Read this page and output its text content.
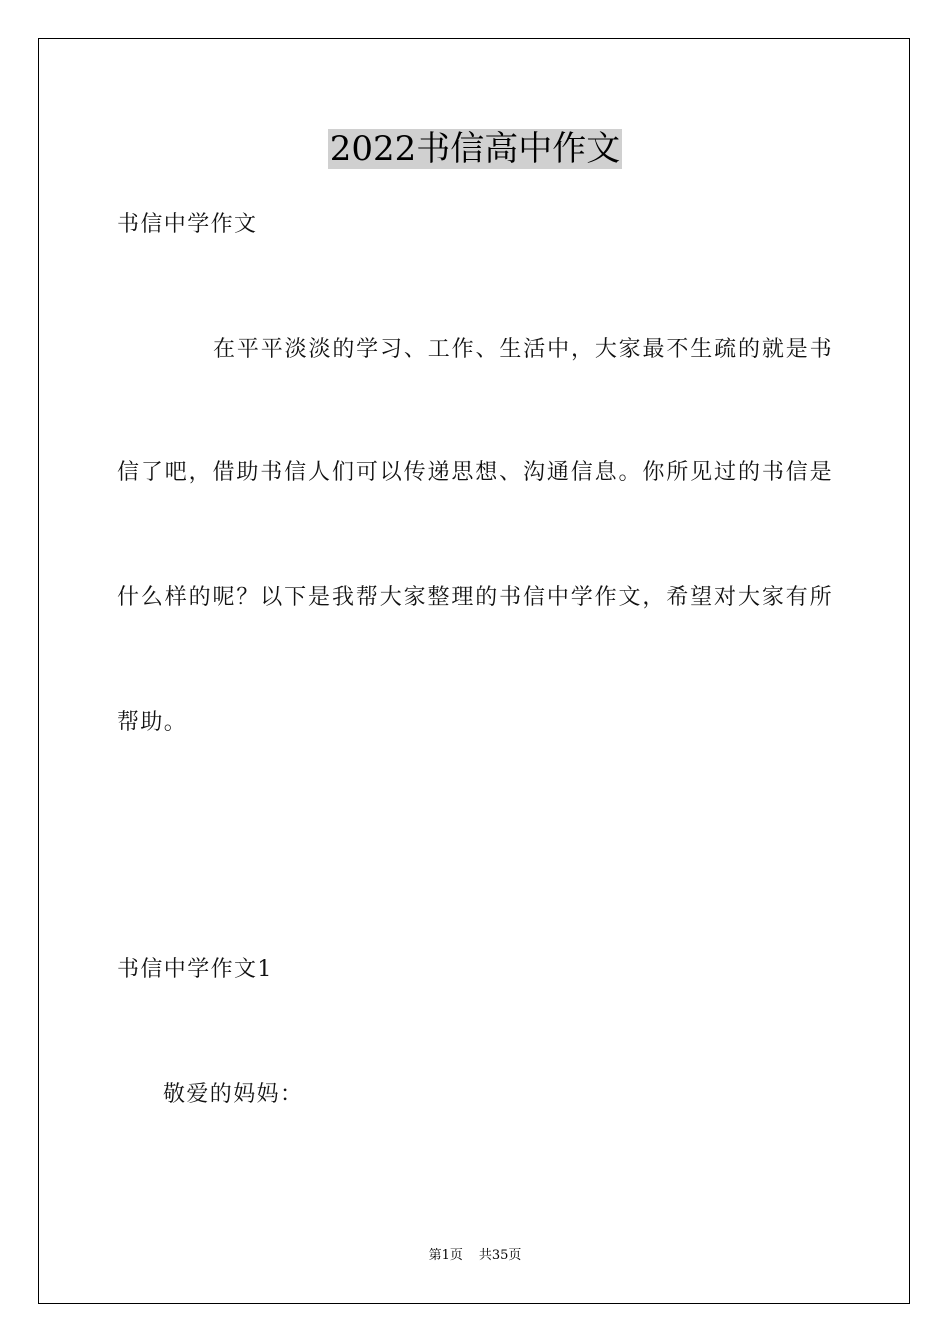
2022书信高中作文
书信中学作文
在平平淡淡的学习、工作、生活中，大家最不生疏的就是书
信了吧，借助书信人们可以传递思想、沟通信息。你所见过的书信是
什么样的呢？以下是我帮大家整理的书信中学作文，希望对大家有所
帮助。
书信中学作文1
敬爱的妈妈：
第1页 共35页
